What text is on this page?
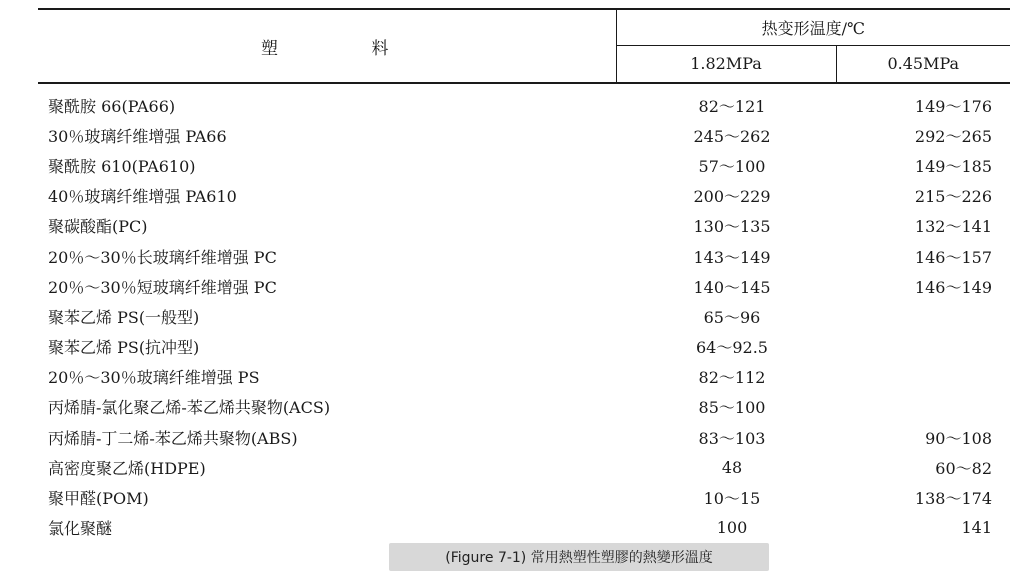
塑 料	热变形温度/℃	
	1.82MPa	0.45MPa
聚酰胺 66(PA66)	82～121	149～176
30％玻璃纤维增强 PA66	245～262	292～265
聚酰胺 610(PA610)	57～100	149～185
40％玻璃纤维增强 PA610	200～229	215～226
聚碳酸酯(PC)	130～135	132～141
20％～30％长玻璃纤维增强 PC	143～149	146～157
20％～30％短玻璃纤维增强 PC	140～145	146～149
聚苯乙烯 PS(一般型)	65～96	
聚苯乙烯 PS(抗冲型)	64～92.5	
20％～30％玻璃纤维增强 PS	82～112	
丙烯腈-氯化聚乙烯-苯乙烯共聚物(ACS)	85～100	
丙烯腈-丁二烯-苯乙烯共聚物(ABS)	83～103	90～108
高密度聚乙烯(HDPE)	48	60～82
聚甲醛(POM)	10～15	138～174
氯化聚醚	100	141
(Figure 7-1) 常用熱塑性塑膠的熱變形溫度
